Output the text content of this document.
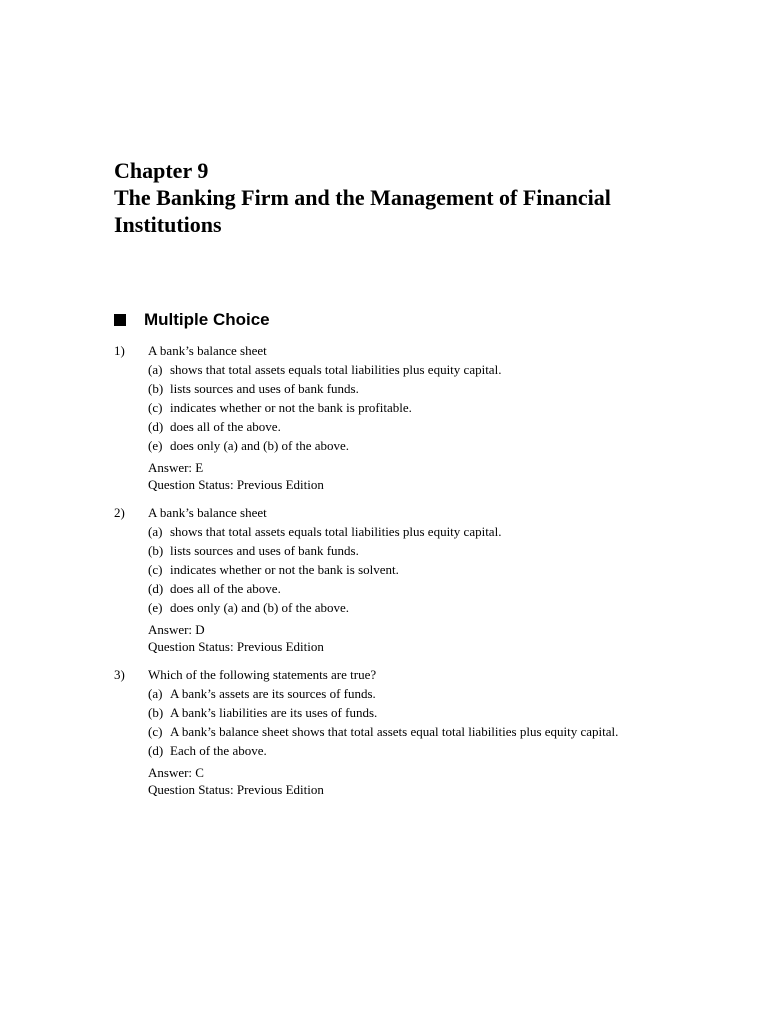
Chapter 9
The Banking Firm and the Management of Financial
Institutions
Multiple Choice
1)	A bank’s balance sheet
(a) shows that total assets equals total liabilities plus equity capital.
(b) lists sources and uses of bank funds.
(c) indicates whether or not the bank is profitable.
(d) does all of the above.
(e) does only (a) and (b) of the above.
Answer: E
Question Status: Previous Edition
2)	A bank’s balance sheet
(a) shows that total assets equals total liabilities plus equity capital.
(b) lists sources and uses of bank funds.
(c) indicates whether or not the bank is solvent.
(d) does all of the above.
(e) does only (a) and (b) of the above.
Answer: D
Question Status: Previous Edition
3)	Which of the following statements are true?
(a) A bank’s assets are its sources of funds.
(b) A bank’s liabilities are its uses of funds.
(c) A bank’s balance sheet shows that total assets equal total liabilities plus equity capital.
(d) Each of the above.
Answer: C
Question Status: Previous Edition
